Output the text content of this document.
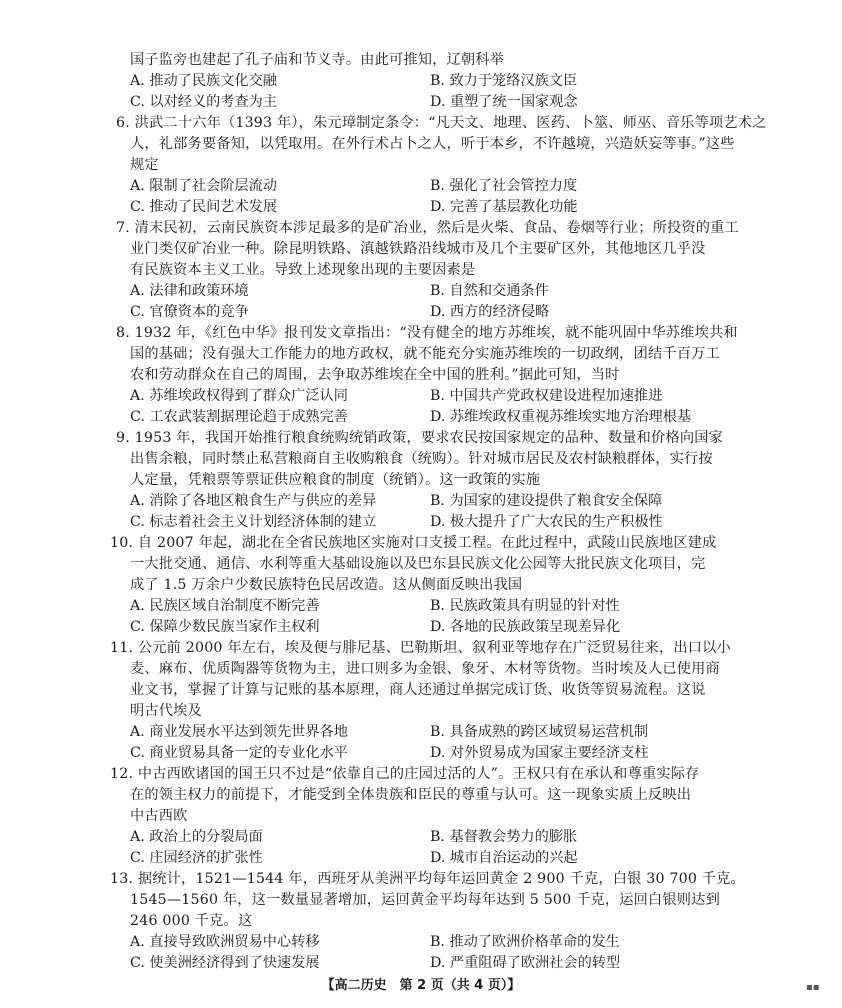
国子监旁也建起了孔子庙和节义寺。由此可推知，辽朝科举
A. 推动了民族文化交融	B. 致力于笼络汉族文臣
C. 以对经义的考查为主	D. 重塑了统一国家观念
6. 洪武二十六年（1393 年），朱元璋制定条令：“凡天文、地理、医药、卜筮、师巫、音乐等项艺术之
人，礼部务要备知，以凭取用。在外行术占卜之人，听于本乡，不许越境，兴造妖妄等事。”这些
规定
A. 限制了社会阶层流动	B. 强化了社会管控力度
C. 推动了民间艺术发展	D. 完善了基层教化功能
7. 清末民初，云南民族资本涉足最多的是矿冶业，然后是火柴、食品、卷烟等行业；所投资的重工
业门类仅矿冶业一种。除昆明铁路、滇越铁路沿线城市及几个主要矿区外，其他地区几乎没
有民族资本主义工业。导致上述现象出现的主要因素是
A. 法律和政策环境	B. 自然和交通条件
C. 官僚资本的竞争	D. 西方的经济侵略
8. 1932 年，《红色中华》报刊发文章指出：“没有健全的地方苏维埃，就不能巩固中华苏维埃共和
国的基础；没有强大工作能力的地方政权，就不能充分实施苏维埃的一切政纲，团结千百万工
农和劳动群众在自己的周围，去争取苏维埃在全中国的胜利。”据此可知，当时
A. 苏维埃政权得到了群众广泛认同	B. 中国共产党政权建设进程加速推进
C. 工农武装割据理论趋于成熟完善	D. 苏维埃政权重视苏维埃实地方治理根基
9. 1953 年，我国开始推行粮食统购统销政策，要求农民按国家规定的品种、数量和价格向国家
出售余粮，同时禁止私营粮商自主收购粮食（统购）。针对城市居民及农村缺粮群体，实行按
人定量，凭粮票等票证供应粮食的制度（统销）。这一政策的实施
A. 消除了各地区粮食生产与供应的差异	B. 为国家的建设提供了粮食安全保障
C. 标志着社会主义计划经济体制的建立	D. 极大提升了广大农民的生产积极性
10. 自 2007 年起，湖北在全省民族地区实施对口支援工程。在此过程中，武陵山民族地区建成
一大批交通、通信、水利等重大基础设施以及巴东县民族文化公园等大批民族文化项目，完
成了 1.5 万余户少数民族特色民居改造。这从侧面反映出我国
A. 民族区域自治制度不断完善	B. 民族政策具有明显的针对性
C. 保障少数民族当家作主权利	D. 各地的民族政策呈现差异化
11. 公元前 2000 年左右，埃及便与腓尼基、巴勒斯坦、叙利亚等地存在广泛贸易往来，出口以小
麦、麻布、优质陶器等货物为主，进口则多为金银、象牙、木材等货物。当时埃及人已使用商
业文书，掌握了计算与记账的基本原理，商人还通过单据完成订货、收货等贸易流程。这说
明古代埃及
A. 商业发展水平达到领先世界各地	B. 具备成熟的跨区域贸易运营机制
C. 商业贸易具备一定的专业化水平	D. 对外贸易成为国家主要经济支柱
12. 中古西欧诸国的国王只不过是“依靠自己的庄园过活的人”。王权只有在承认和尊重实际存
在的领主权力的前提下，才能受到全体贵族和臣民的尊重与认可。这一现象实质上反映出
中古西欧
A. 政治上的分裂局面	B. 基督教会势力的膨胀
C. 庄园经济的扩张性	D. 城市自治运动的兴起
13. 据统计，1521—1544 年，西班牙从美洲平均每年运回黄金 2 900 千克，白银 30 700 千克。
1545—1560 年，这一数量显著增加，运回黄金平均每年达到 5 500 千克，运回白银则达到
246 000 千克。这
A. 直接导致欧洲贸易中心转移	B. 推动了欧洲价格革命的发生
C. 使美洲经济得到了快速发展	D. 严重阻碍了欧洲社会的转型
【高二历史　第 2 页（共 4 页）】	▪▪
